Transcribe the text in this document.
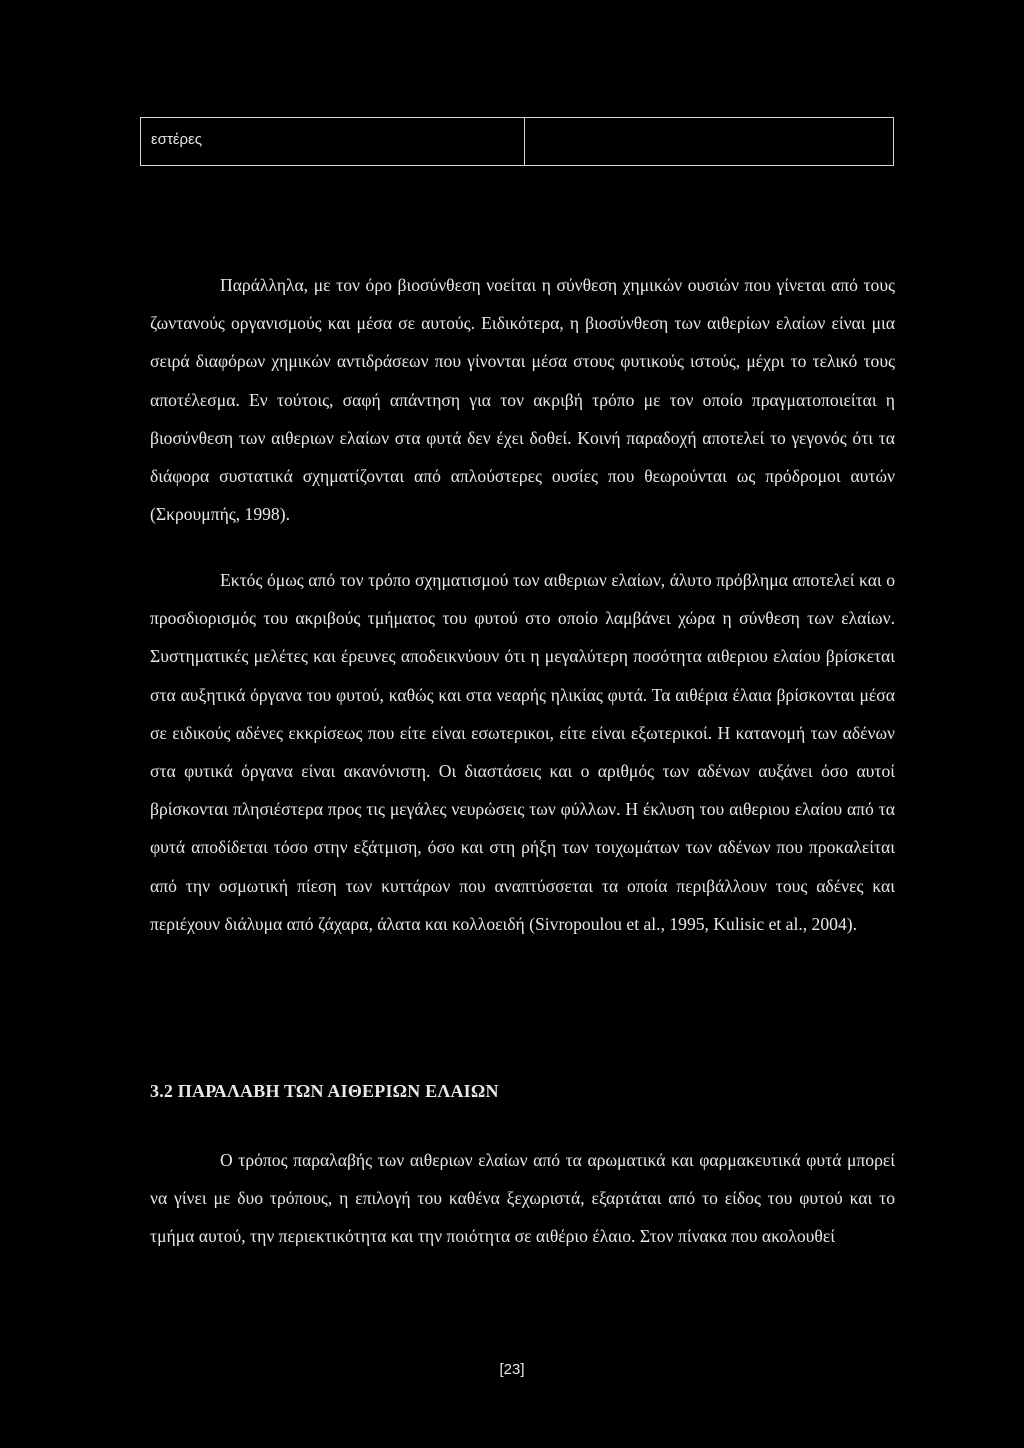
εστέρες

Παράλληλα, με τον όρο βιοσύνθεση νοείται η σύνθεση χημικών ουσιών που γίνεται από τους ζωντανούς οργανισμούς και μέσα σε αυτούς. Ειδικότερα, η βιοσύνθεση των αιθερίων ελαίων είναι μια σειρά διαφόρων χημικών αντιδράσεων που γίνονται μέσα στους φυτικούς ιστούς, μέχρι το τελικό τους αποτέλεσμα. Εν τούτοις, σαφή απάντηση για τον ακριβή τρόπο με τον οποίο πραγματοποιείται η βιοσύνθεση των αιθεριων ελαίων στα φυτά δεν έχει δοθεί. Κοινή παραδοχή αποτελεί το γεγονός ότι τα διάφορα συστατικά σχηματίζονται από απλούστερες ουσίες που θεωρούνται ως πρόδρομοι αυτών (Σκρουμπής, 1998).

Εκτός όμως από τον τρόπο σχηματισμού των αιθεριων ελαίων, άλυτο πρόβλημα αποτελεί και ο προσδιορισμός του ακριβούς τμήματος του φυτού στο οποίο λαμβάνει χώρα η σύνθεση των ελαίων. Συστηματικές μελέτες και έρευνες αποδεικνύουν ότι η μεγαλύτερη ποσότητα αιθεριου ελαίου βρίσκεται στα αυξητικά όργανα του φυτού, καθώς και στα νεαρής ηλικίας φυτά. Τα αιθέρια έλαια βρίσκονται μέσα σε ειδικούς αδένες εκκρίσεως που είτε είναι εσωτερικοι, είτε είναι εξωτερικοί. Η κατανομή των αδένων στα φυτικά όργανα είναι ακανόνιστη. Οι διαστάσεις και ο αριθμός των αδένων αυξάνει όσο αυτοί βρίσκονται πλησιέστερα προς τις μεγάλες νευρώσεις των φύλλων. Η έκλυση του αιθεριου ελαίου από τα φυτά αποδίδεται τόσο στην εξάτμιση, όσο και στη ρήξη των τοιχωμάτων των αδένων που προκαλείται από την οσμωτική πίεση των κυττάρων που αναπτύσσεται τα οποία περιβάλλουν τους αδένες και περιέχουν διάλυμα από ζάχαρα, άλατα και κολλοειδή (Sivropoulou et al., 1995, Kulisic et al., 2004).

3.2 ΠΑΡΑΛΑΒΗ ΤΩΝ ΑΙΘΕΡΙΩΝ ΕΛΑΙΩΝ

Ο τρόπος παραλαβής των αιθεριων ελαίων από τα αρωματικά και φαρμακευτικά φυτά μπορεί να γίνει με δυο τρόπους, η επιλογή του καθένα ξεχωριστά, εξαρτάται από το είδος του φυτού και το τμήμα αυτού, την περιεκτικότητα και την ποιότητα σε αιθέριο έλαιο. Στον πίνακα που ακολουθεί

[23]
